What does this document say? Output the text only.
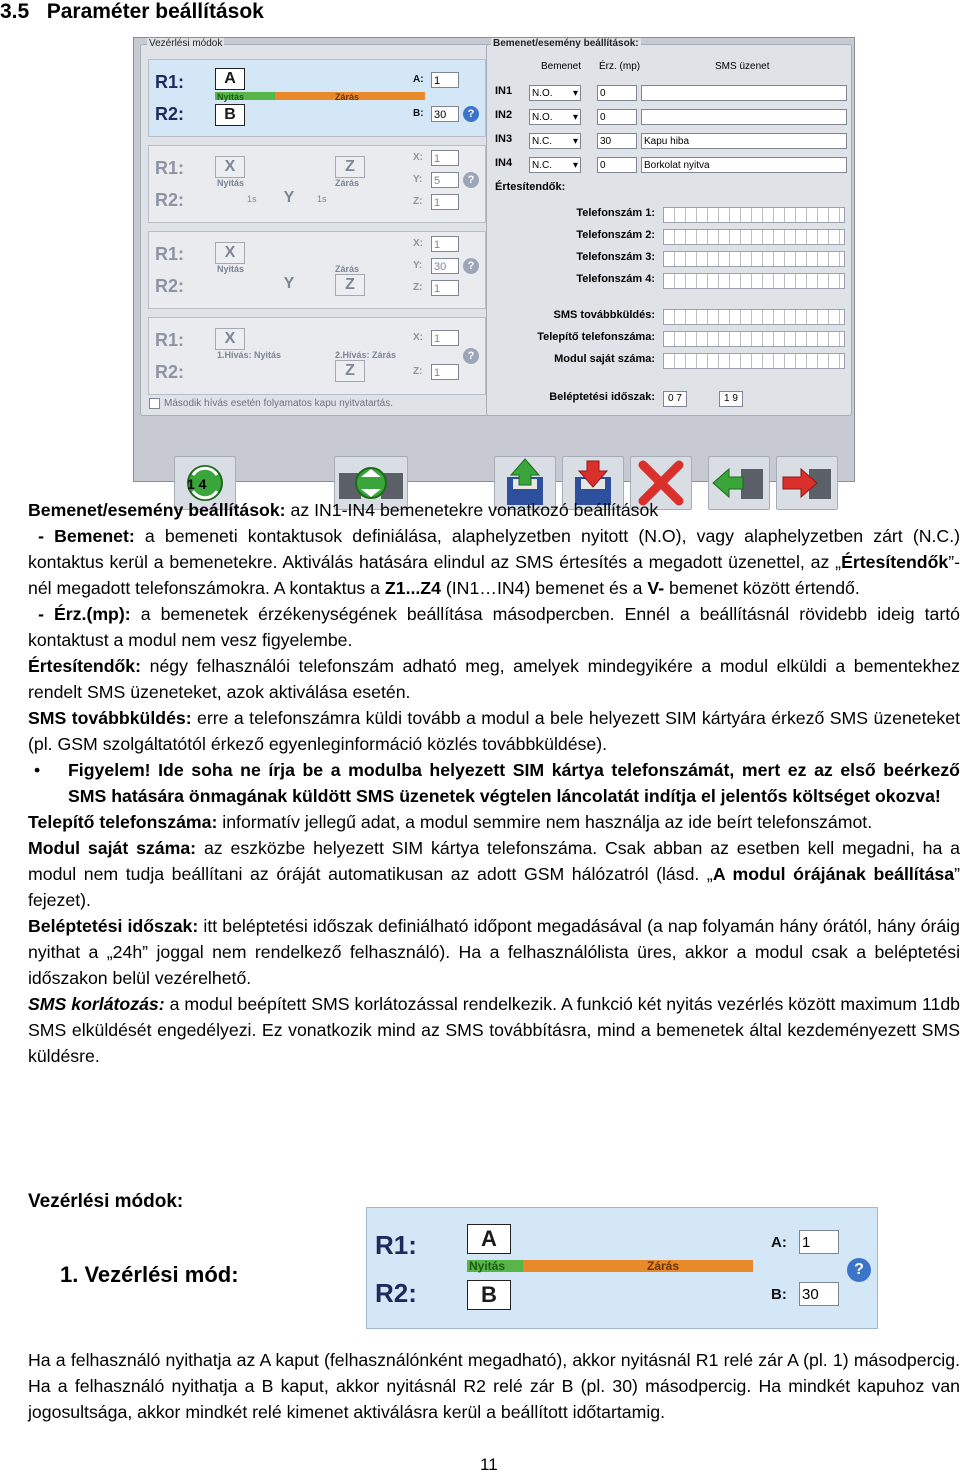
3.5 Paraméter beállítások
Vezérlési módok
R1:
R2:
A
B
Nyitás	Zárás
A: 1
B: 30	?
R1:
R2:
X	Z
Y
Nyitás	Zárás
1s	1s
X: 1
Y: 5
Z: 1
?
R1:
R2:
X
Z
Y
Nyitás	Zárás
X: 1
Y: 30
Z: 1
?
R1:
R2:
X
Z
1.Hívás: Nyitás	2.Hívás: Zárás
X: 1
Z: 1
?
Második hívás esetén folyamatos kapu nyitvatartás.
Bemenet/esemény beállítások:
Bemenet Érz. (mp)	SMS üzenet
IN1	N.O. ▾	0
IN2	N.O. ▾	0
IN3	N.C. ▾	30	Kapu hiba
IN4	N.C. ▾	0	Borkolat nyitva
Értesítendők:
Telefonszám 1:
Telefonszám 2:
Telefonszám 3:
Telefonszám 4:
SMS továbbküldés:
Telepítő telefonszáma:
Modul saját száma:
Beléptetési időszak:	0 7	1 9
1 4

Bemenet/esemény beállítások: az IN1-IN4 bemenetekre vonatkozó beállítások

- Bemenet: a bemeneti kontaktusok definiálása, alaphelyzetben nyitott (N.O), vagy alaphelyzetben zárt (N.C.) kontaktus kerül a bemenetekre. Aktiválás hatására elindul az SMS értesítés a megadott üzenettel, az „Értesítendők”-nél megadott telefonszámokra. A kontaktus a Z1...Z4 (IN1…IN4) bemenet és a V- bemenet között értendő.

- Érz.(mp): a bemenetek érzékenységének beállítása másodpercben. Ennél a beállításnál rövidebb ideig tartó kontaktust a modul nem vesz figyelembe.

Értesítendők: négy felhasználói telefonszám adható meg, amelyek mindegyikére a modul elküldi a bementekhez rendelt SMS üzeneteket, azok aktiválása esetén.

SMS továbbküldés: erre a telefonszámra küldi tovább a modul a bele helyezett SIM kártyára érkező SMS üzeneteket (pl. GSM szolgáltatótól érkező egyenleginformáció közlés továbbküldése).

• Figyelem! Ide soha ne írja be a modulba helyezett SIM kártya telefonszámát, mert ez az első beérkező SMS hatására önmagának küldött SMS üzenetek végtelen láncolatát indítja el jelentős költséget okozva!

Telepítő telefonszáma: informatív jellegű adat, a modul semmire nem használja az ide beírt telefonszámot.

Modul saját száma: az eszközbe helyezett SIM kártya telefonszáma. Csak abban az esetben kell megadni, ha a modul nem tudja beállítani az óráját automatikusan az adott GSM hálózatról (lásd. „A modul órájának beállítása” fejezet).

Beléptetési időszak: itt beléptetési időszak definiálható időpont megadásával (a nap folyamán hány órától, hány óráig nyithat a „24h” joggal nem rendelkező felhasználó). Ha a felhasználólista üres, akkor a modul csak a beléptetési időszakon belül vezérelhető.

SMS korlátozás: a modul beépített SMS korlátozással rendelkezik. A funkció két nyitás vezérlés között maximum 11db SMS elküldését engedélyezi. Ez vonatkozik mind az SMS továbbításra, mind a bemenetek által kezdeményezett SMS küldésre.

Vezérlési módok:
1. Vezérlési mód:
R1:
R2:
A
B
Nyitás	Zárás
A: 1
B: 30
?

Ha a felhasználó nyithatja az A kaput (felhasználónként megadható), akkor nyitásnál R1 relé zár A (pl. 1) másodpercig. Ha a felhasználó nyithatja a B kaput, akkor nyitásnál R2 relé zár B (pl. 30) másodpercig. Ha mindkét kapuhoz van jogosultsága, akkor mindkét relé kimenet aktiválásra kerül a beállított időtartamig.

11
